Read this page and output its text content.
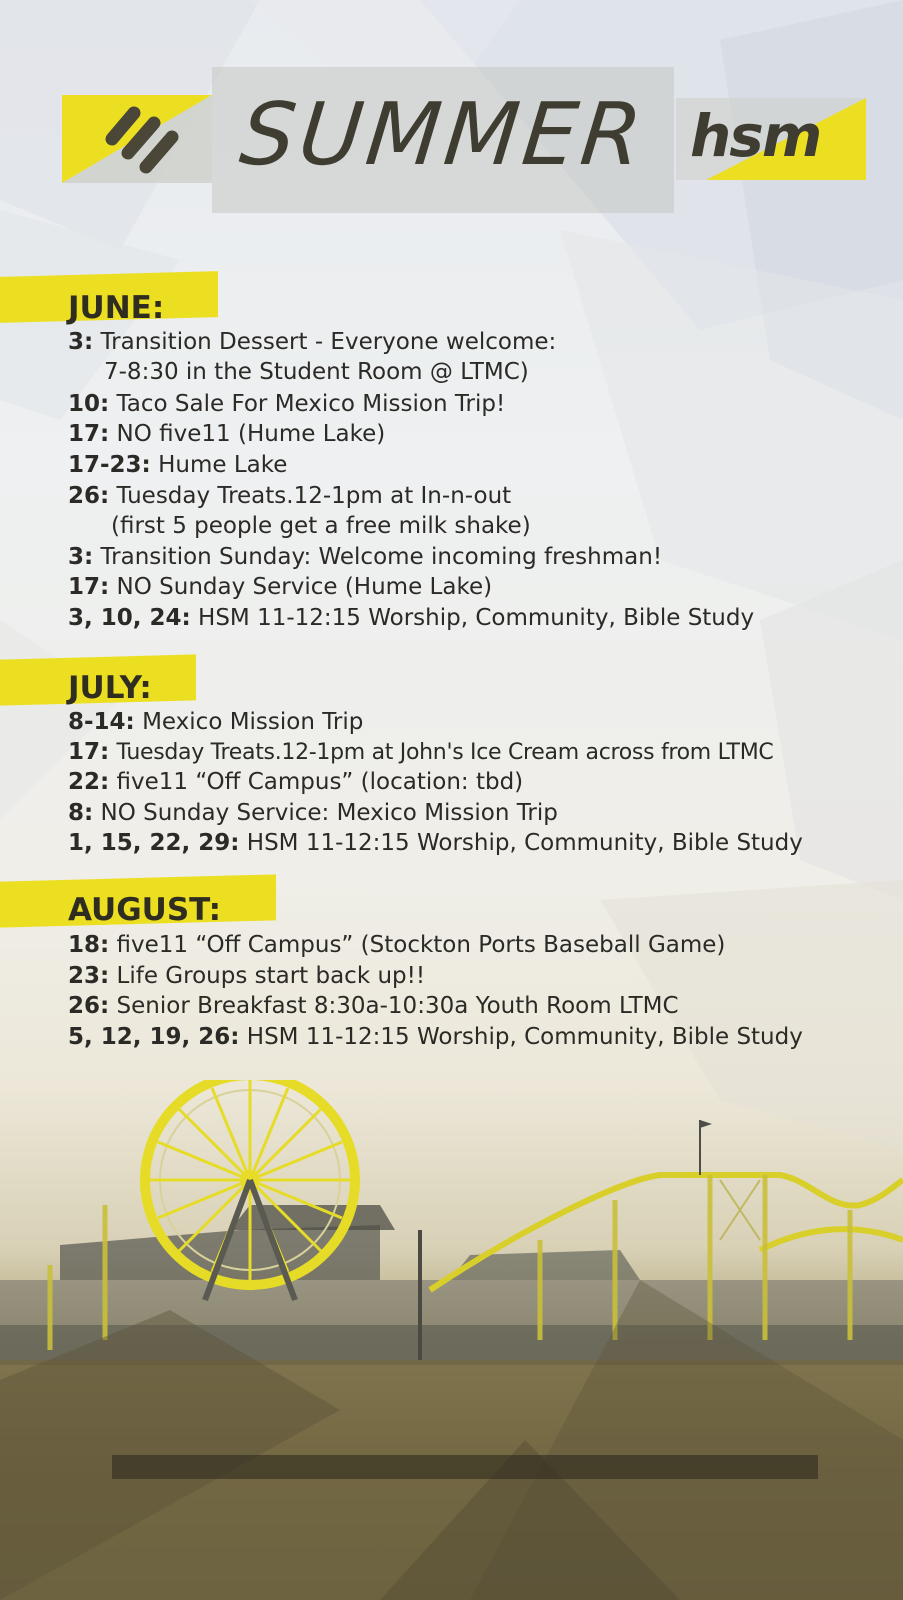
SUMMER hsm
JUNE:
3: Transition Dessert - Everyone welcome:
7-8:30 in the Student Room @ LTMC)
10: Taco Sale For Mexico Mission Trip!
17: NO five11 (Hume Lake)
17-23: Hume Lake
26: Tuesday Treats.12-1pm at In-n-out
(first 5 people get a free milk shake)
3: Transition Sunday: Welcome incoming freshman!
17: NO Sunday Service (Hume Lake)
3, 10, 24: HSM 11-12:15 Worship, Community, Bible Study
JULY:
8-14: Mexico Mission Trip
17: Tuesday Treats.12-1pm at John's Ice Cream across from LTMC
22: five11 “Off Campus” (location: tbd)
8: NO Sunday Service: Mexico Mission Trip
1, 15, 22, 29: HSM 11-12:15 Worship, Community, Bible Study
AUGUST:
18: five11 “Off Campus” (Stockton Ports Baseball Game)
23: Life Groups start back up!!
26: Senior Breakfast 8:30a-10:30a Youth Room LTMC
5, 12, 19, 26: HSM 11-12:15 Worship, Community, Bible Study
